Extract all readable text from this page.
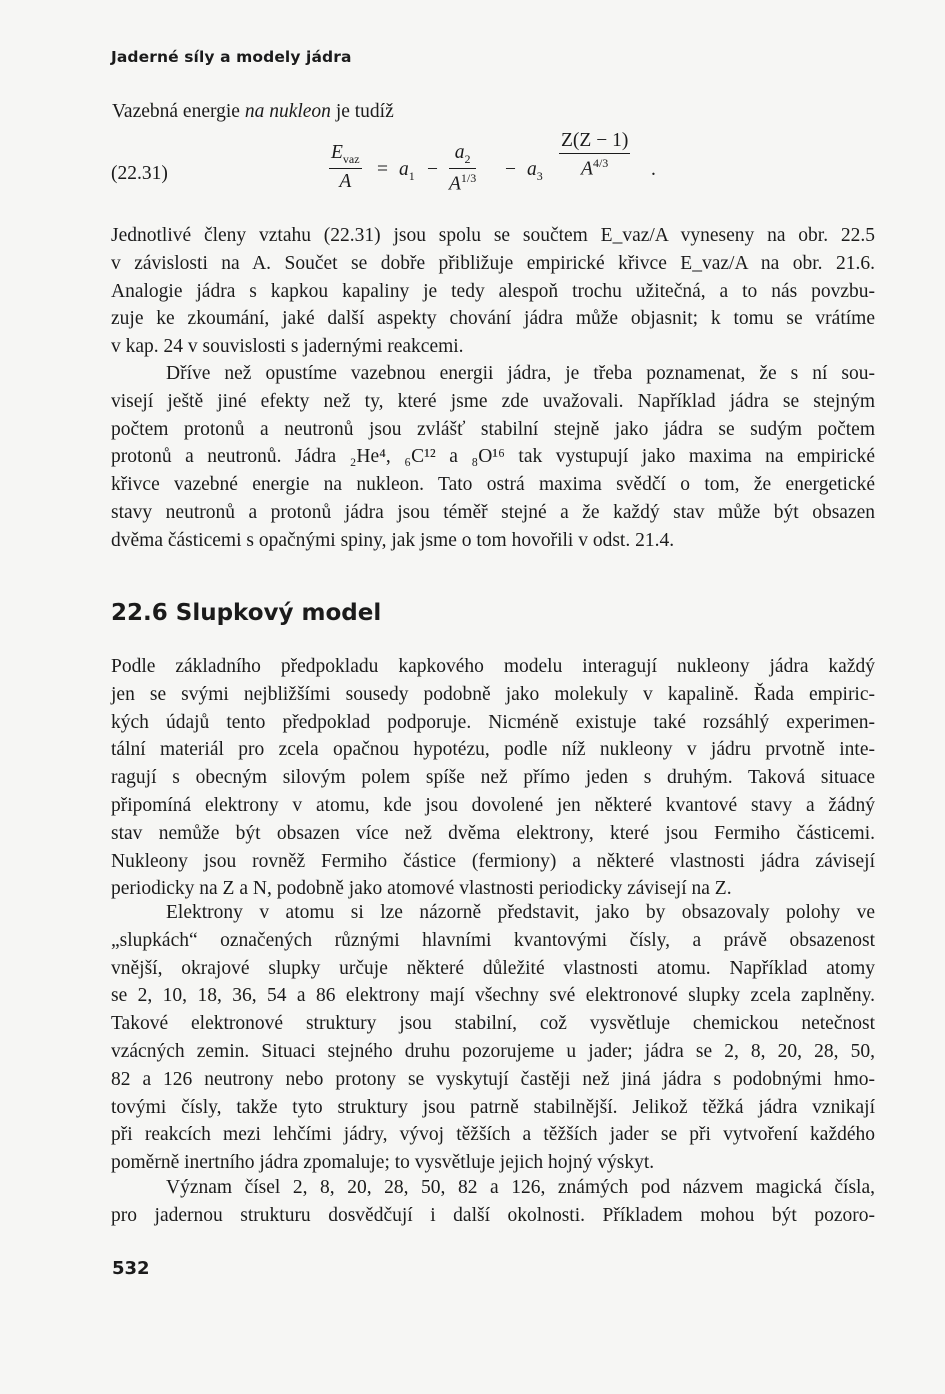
Jaderné síly a modely jádra
Vazebná energie na nukleon je tudíž
(22.31)
$E_{vaz}$
A
= $a_1 - \frac{a_2}{A^{1/3}} - a_3 \frac{Z(Z - 1)}{A^{4/3}}$ .
Jednotlivé členy vztahu (22.31) jsou spolu se součtem E_vaz/A vyneseny na obr. 22.5
v závislosti na A. Součet se dobře přibližuje empirické křivce E_vaz/A na obr. 21.6.
Analogie jádra s kapkou kapaliny je tedy alespoň trochu užitečná, a to nás povzbu-
zuje ke zkoumání, jaké další aspekty chování jádra může objasnit; k tomu se vrátíme
v kap. 24 v souvislosti s jadernými reakcemi.
Dříve než opustíme vazebnou energii jádra, je třeba poznamenat, že s ní sou-
visejí ještě jiné efekty než ty, které jsme zde uvažovali. Například jádra se stejným
počtem protonů a neutronů jsou zvlášť stabilní stejně jako jádra se sudým počtem
protonů a neutronů. Jádra ₂He⁴, ₆C¹² a ₈O¹⁶ tak vystupují jako maxima na empirické
křivce vazebné energie na nukleon. Tato ostrá maxima svědčí o tom, že energetické
stavy neutronů a protonů jádra jsou téměř stejné a že každý stav může být obsazen
dvěma částicemi s opačnými spiny, jak jsme o tom hovořili v odst. 21.4.
22.6 Slupkový model
Podle základního předpokladu kapkového modelu interagují nukleony jádra každý
jen se svými nejbližšími sousedy podobně jako molekuly v kapalině. Řada empiric-
kých údajů tento předpoklad podporuje. Nicméně existuje také rozsáhlý experimen-
tální materiál pro zcela opačnou hypotézu, podle níž nukleony v jádru prvotně inte-
ragují s obecným silovým polem spíše než přímo jeden s druhým. Taková situace
připomíná elektrony v atomu, kde jsou dovolené jen některé kvantové stavy a žádný
stav nemůže být obsazen více než dvěma elektrony, které jsou Fermiho částicemi.
Nukleony jsou rovněž Fermiho částice (fermiony) a některé vlastnosti jádra závisejí
periodicky na Z a N, podobně jako atomové vlastnosti periodicky závisejí na Z.
Elektrony v atomu si lze názorně představit, jako by obsazovaly polohy ve
„slupkách“ označených různými hlavními kvantovými čísly, a právě obsazenost
vnější, okrajové slupky určuje některé důležité vlastnosti atomu. Například atomy
se 2, 10, 18, 36, 54 a 86 elektrony mají všechny své elektronové slupky zcela zaplněny.
Takové elektronové struktury jsou stabilní, což vysvětluje chemickou netečnost
vzácných zemin. Situaci stejného druhu pozorujeme u jader; jádra se 2, 8, 20, 28, 50,
82 a 126 neutrony nebo protony se vyskytují častěji než jiná jádra s podobnými hmo-
tovými čísly, takže tyto struktury jsou patrně stabilnější. Jelikož těžká jádra vznikají
při reakcích mezi lehčími jádry, vývoj těžších a těžších jader se při vytvoření každého
poměrně inertního jádra zpomaluje; to vysvětluje jejich hojný výskyt.
Význam čísel 2, 8, 20, 28, 50, 82 a 126, známých pod názvem magická čísla,
pro jadernou strukturu dosvědčují i další okolnosti. Příkladem mohou být pozoro-
532
